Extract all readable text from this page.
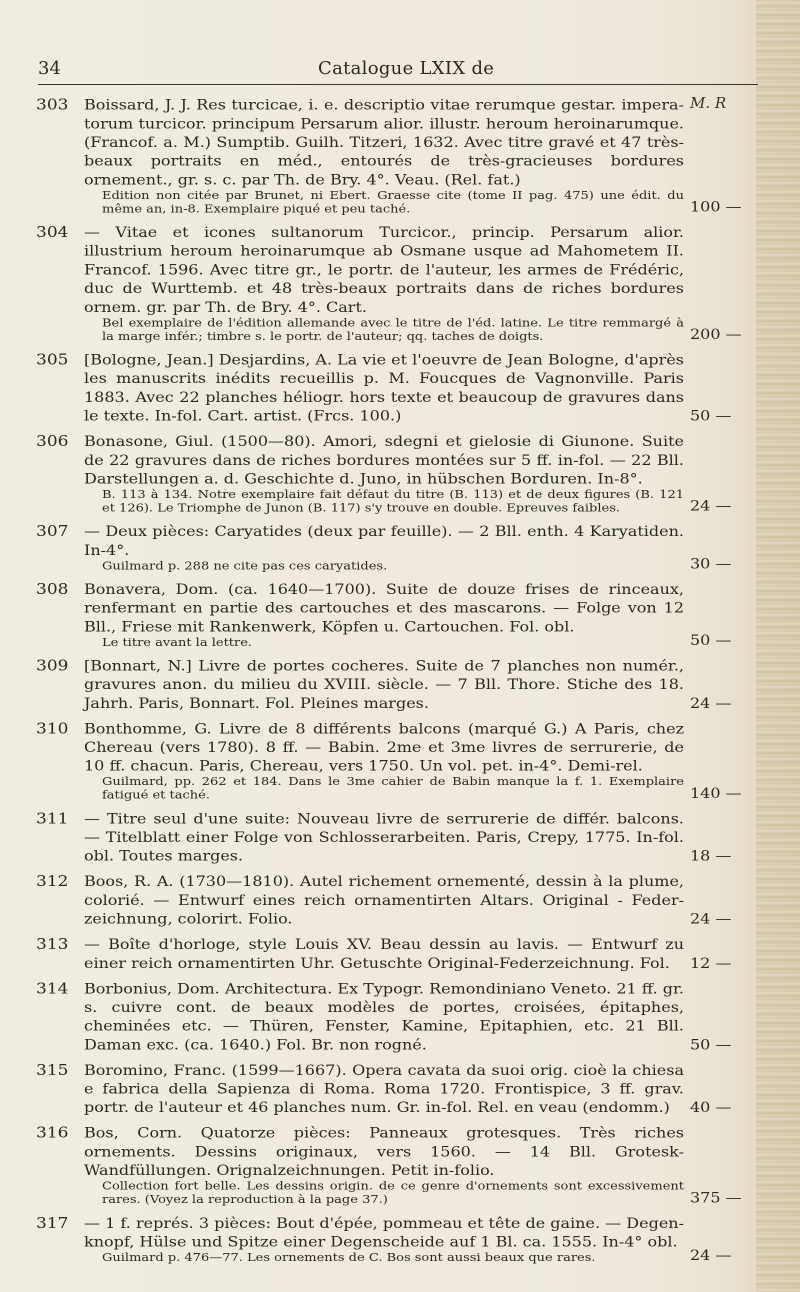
34	Catalogue LXIX de
M. R
303 Boissard, J. J. Res turcicae, i. e. descriptio vitae rerumque gestar. impera-torum turcicor. principum Persarum alior. illustr. heroum heroinarumque. (Francof. a. M.) Sumptib. Guilh. Titzeri, 1632. Avec titre gravé et 47 très-beaux portraits en méd., entourés de très-gracieuses bordures ornement., gr. s. c. par Th. de Bry. 4°. Veau. (Rel. fat.)
Edition non citée par Brunet, ni Ebert. Graesse cite (tome II pag. 475) une édit. du même an, in-8. Exemplaire piqué et peu taché.	100 —
304 — Vitae et icones sultanorum Turcicor., princip. Persarum alior. illustrium heroum heroinarumque ab Osmane usque ad Mahometem II. Francof. 1596. Avec titre gr., le portr. de l'auteur, les armes de Frédéric, duc de Wurttemb. et 48 très-beaux portraits dans de riches bordures ornem. gr. par Th. de Bry. 4°. Cart.
Bel exemplaire de l'édition allemande avec le titre de l'éd. latine. Le titre remmargé à la marge infér.; timbre s. le portr. de l'auteur; qq. taches de doigts.	200 —
305 [Bologne, Jean.] Desjardins, A. La vie et l'oeuvre de Jean Bologne, d'après les manuscrits inédits recueillis p. M. Foucques de Vagnonville. Paris 1883. Avec 22 planches héliogr. hors texte et beaucoup de gravures dans le texte. In-fol. Cart. artist. (Frcs. 100.)	50 —
306 Bonasone, Giul. (1500—80). Amori, sdegni et gielosie di Giunone. Suite de 22 gravures dans de riches bordures montées sur 5 ff. in-fol. — 22 Bll. Darstellungen a. d. Geschichte d. Juno, in hübschen Borduren. In-8°.
B. 113 à 134. Notre exemplaire fait défaut du titre (B. 113) et de deux figures (B. 121 et 126). Le Triomphe de Junon (B. 117) s'y trouve en double. Epreuves faibles.	24 —
307 — Deux pièces: Caryatides (deux par feuille). — 2 Bll. enth. 4 Karyatiden. In-4°.
Guilmard p. 288 ne cite pas ces caryatides.	30 —
308 Bonavera, Dom. (ca. 1640—1700). Suite de douze frises de rinceaux, renfermant en partie des cartouches et des mascarons. — Folge von 12 Bll., Friese mit Rankenwerk, Köpfen u. Cartouchen. Fol. obl.
Le titre avant la lettre.	50 —
309 [Bonnart, N.] Livre de portes cocheres. Suite de 7 planches non numér., gravures anon. du milieu du XVIII. siècle. — 7 Bll. Thore. Stiche des 18. Jahrh. Paris, Bonnart. Fol. Pleines marges.	24 —
310 Bonthomme, G. Livre de 8 différents balcons (marqué G.) A Paris, chez Chereau (vers 1780). 8 ff. — Babin. 2me et 3me livres de serrurerie, de 10 ff. chacun. Paris, Chereau, vers 1750. Un vol. pet. in-4°. Demi-rel.
Guilmard, pp. 262 et 184. Dans le 3me cahier de Babin manque la f. 1. Exemplaire fatigué et taché.	140 —
311 — Titre seul d'une suite: Nouveau livre de serrurerie de différ. balcons. — Titelblatt einer Folge von Schlosserarbeiten. Paris, Crepy, 1775. In-fol. obl. Toutes marges.	18 —
312 Boos, R. A. (1730—1810). Autel richement ornementé, dessin à la plume, colorié. — Entwurf eines reich ornamentirten Altars. Original - Feder-zeichnung, colorirt. Folio.	24 —
313 — Boîte d'horloge, style Louis XV. Beau dessin au lavis. — Entwurf zu einer reich ornamentirten Uhr. Getuschte Original-Federzeichnung. Fol.	12 —
314 Borbonius, Dom. Architectura. Ex Typogr. Remondiniano Veneto. 21 ff. gr. s. cuivre cont. de beaux modèles de portes, croisées, épitaphes, cheminées etc. — Thüren, Fenster, Kamine, Epitaphien, etc. 21 Bll. Daman exc. (ca. 1640.) Fol. Br. non rogné.	50 —
315 Boromino, Franc. (1599—1667). Opera cavata da suoi orig. cioè la chiesa e fabrica della Sapienza di Roma. Roma 1720. Frontispice, 3 ff. grav. portr. de l'auteur et 46 planches num. Gr. in-fol. Rel. en veau (endomm.)	40 —
316 Bos, Corn. Quatorze pièces: Panneaux grotesques. Très riches ornements. Dessins originaux, vers 1560. — 14 Bll. Grotesk-Wandfüllungen. Orignalzeichnungen. Petit in-folio.
Collection fort belle. Les dessins origin. de ce genre d'ornements sont excessivement rares. (Voyez la reproduction à la page 37.)	375 —
317 — 1 f. représ. 3 pièces: Bout d'épée, pommeau et tête de gaine. — Degen-knopf, Hülse und Spitze einer Degenscheide auf 1 Bl. ca. 1555. In-4° obl.
Guilmard p. 476—77. Les ornements de C. Bos sont aussi beaux que rares.	24 —
